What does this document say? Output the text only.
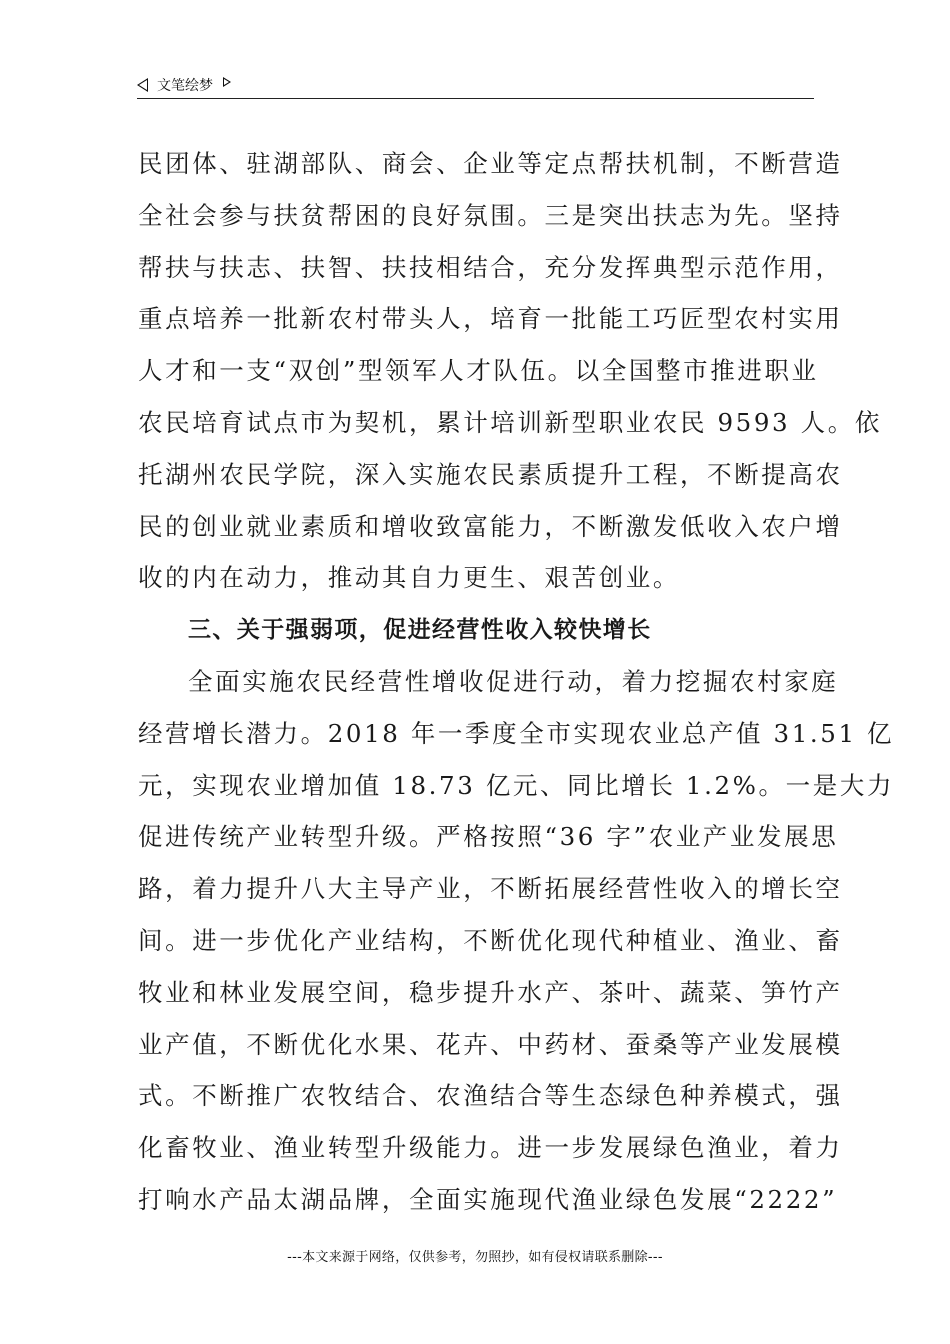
文笔绘梦
民团体、驻湖部队、商会、企业等定点帮扶机制，不断营造
全社会参与扶贫帮困的良好氛围。三是突出扶志为先。坚持
帮扶与扶志、扶智、扶技相结合，充分发挥典型示范作用，
重点培养一批新农村带头人，培育一批能工巧匠型农村实用
人才和一支“双创”型领军人才队伍。以全国整市推进职业
农民培育试点市为契机，累计培训新型职业农民 9593 人。依
托湖州农民学院，深入实施农民素质提升工程，不断提高农
民的创业就业素质和增收致富能力，不断激发低收入农户增
收的内在动力，推动其自力更生、艰苦创业。
三、关于强弱项，促进经营性收入较快增长
全面实施农民经营性增收促进行动，着力挖掘农村家庭
经营增长潜力。2018 年一季度全市实现农业总产值 31.51 亿
元，实现农业增加值 18.73 亿元、同比增长 1.2%。一是大力
促进传统产业转型升级。严格按照“36 字”农业产业发展思
路，着力提升八大主导产业，不断拓展经营性收入的增长空
间。进一步优化产业结构，不断优化现代种植业、渔业、畜
牧业和林业发展空间，稳步提升水产、茶叶、蔬菜、笋竹产
业产值，不断优化水果、花卉、中药材、蚕桑等产业发展模
式。不断推广农牧结合、农渔结合等生态绿色种养模式，强
化畜牧业、渔业转型升级能力。进一步发展绿色渔业，着力
打响水产品太湖品牌，全面实施现代渔业绿色发展“2222”
---本文来源于网络，仅供参考，勿照抄，如有侵权请联系删除---
